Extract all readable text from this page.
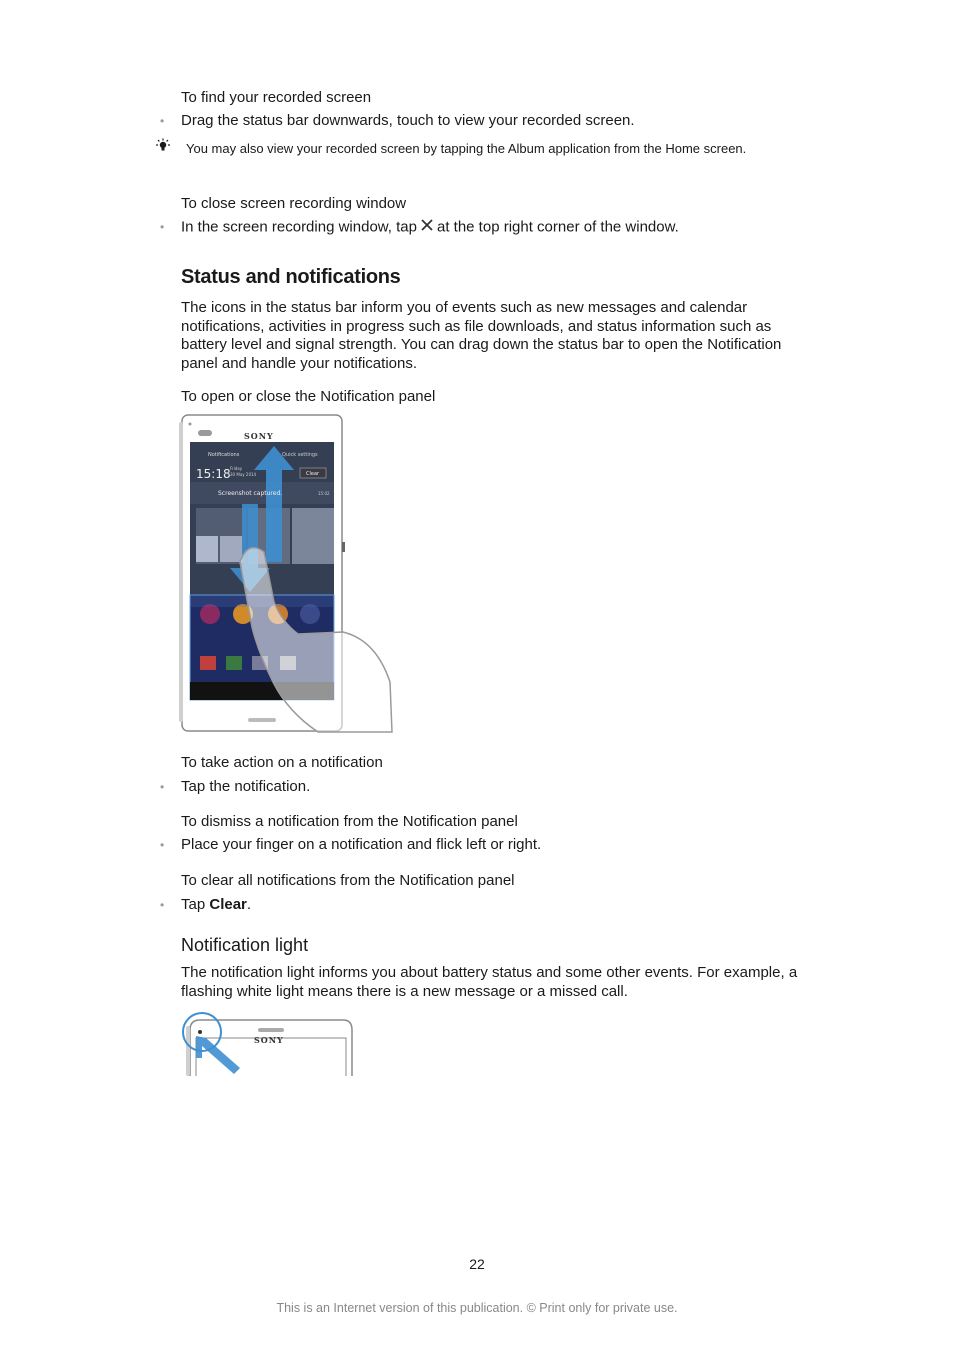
To find your recorded screen
• Drag the status bar downwards, touch to view your recorded screen.
You may also view your recorded screen by tapping the Album application from the Home screen.
To close screen recording window
• In the screen recording window, tap at the top right corner of the window.
Status and notifications
The icons in the status bar inform you of events such as new messages and calendar notifications, activities in progress such as file downloads, and status information such as battery level and signal strength. You can drag down the status bar to open the Notification panel and handle your notifications.
To open or close the Notification panel
Notifications	Quick settings
15:18 Friday
30 May 2014	Clear
Screenshot captured.	15:02
SONY
To take action on a notification
• Tap the notification.
To dismiss a notification from the Notification panel
• Place your finger on a notification and flick left or right.
To clear all notifications from the Notification panel
• Tap Clear.
Notification light
The notification light informs you about battery status and some other events. For example, a flashing white light means there is a new message or a missed call.
SONY
22
This is an Internet version of this publication. © Print only for private use.
